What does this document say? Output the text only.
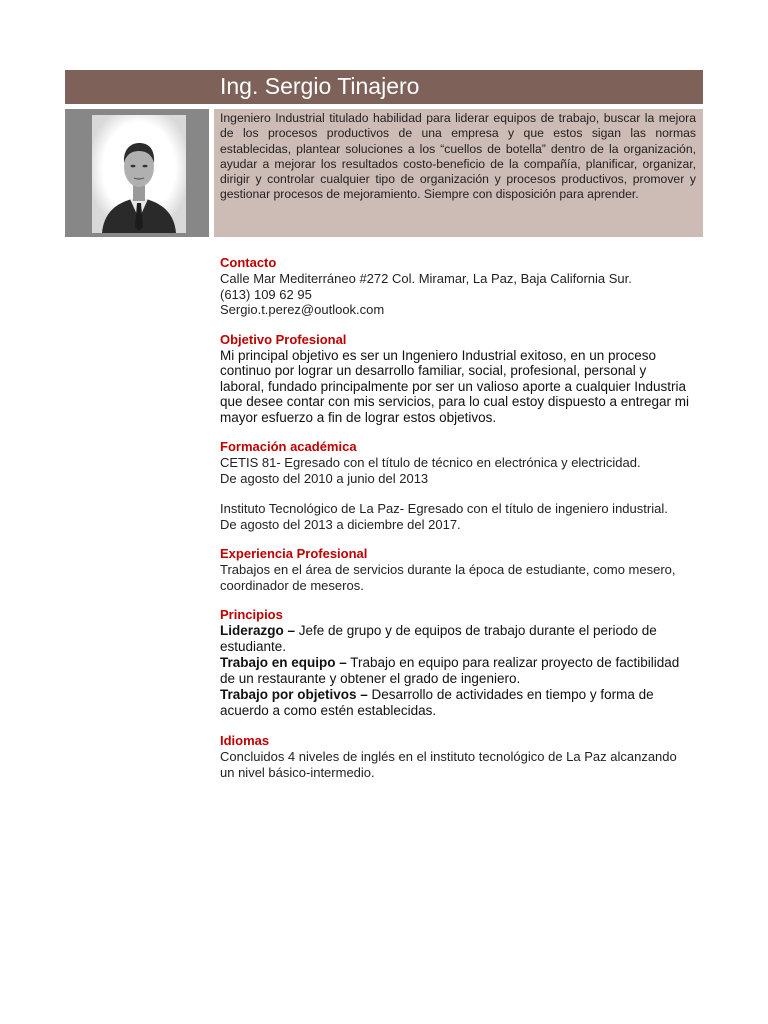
Ing. Sergio Tinajero
Ingeniero Industrial titulado habilidad para liderar equipos de trabajo, buscar la mejora de los procesos productivos de una empresa y que estos sigan las normas establecidas, plantear soluciones a los “cuellos de botella” dentro de la organización, ayudar a mejorar los resultados costo-beneficio de la compañía, planificar, organizar, dirigir y controlar cualquier tipo de organización y procesos productivos, promover y gestionar procesos de mejoramiento. Siempre con disposición para aprender.
Contacto
Calle Mar Mediterráneo #272 Col. Miramar, La Paz, Baja California Sur.
(613) 109 62 95
Sergio.t.perez@outlook.com
Objetivo Profesional
Mi principal objetivo es ser un Ingeniero Industrial exitoso, en un proceso continuo por lograr un desarrollo familiar, social, profesional, personal y laboral, fundado principalmente por ser un valioso aporte a cualquier Industria que desee contar con mis servicios, para lo cual estoy dispuesto a entregar mi mayor esfuerzo a fin de lograr estos objetivos.
Formación académica
CETIS 81- Egresado con el título de técnico en electrónica y electricidad.
De agosto del 2010 a junio del 2013
Instituto Tecnológico de La Paz- Egresado con el título de ingeniero industrial.
De agosto del 2013 a diciembre del 2017.
Experiencia Profesional
Trabajos en el área de servicios durante la época de estudiante, como mesero, coordinador de meseros.
Principios
Liderazgo – Jefe de grupo y de equipos de trabajo durante el periodo de estudiante.
Trabajo en equipo – Trabajo en equipo para realizar proyecto de factibilidad de un restaurante y obtener el grado de ingeniero.
Trabajo por objetivos – Desarrollo de actividades en tiempo y forma de acuerdo a como estén establecidas.
Idiomas
Concluidos 4 niveles de inglés en el instituto tecnológico de La Paz alcanzando un nivel básico-intermedio.
